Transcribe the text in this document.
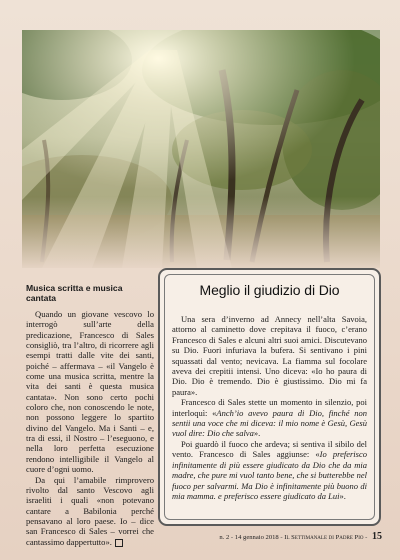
Musica scritta e musica cantata

Quando un giovane vescovo lo interrogò sull’arte della predicazione, Francesco di Sales consigliò, tra l’altro, di ricorrere agli esempi tratti dalle vite dei santi, poiché – affermava – «il Vangelo è come una musica scritta, mentre la vita dei santi è questa musica cantata». Non sono certo pochi coloro che, non conoscendo le note, non possono leggere lo spartito divino del Vangelo. Ma i Santi – e, tra di essi, il Nostro – l’eseguono, e nella loro perfetta esecuzione rendono intelligibile il Vangelo al cuore d’ogni uomo.

Da qui l’amabile rimprovero rivolto dal santo Vescovo agli israeliti i quali «non potevano cantare a Babilonia perché pensavano al loro paese. Io – dice san Francesco di Sales – vorrei che cantassimo dappertutto».

Meglio il giudizio di Dio

Una sera d’inverno ad Annecy nell’alta Savoia, attorno al caminetto dove crepitava il fuoco, c’erano Francesco di Sales e alcuni altri suoi amici. Discutevano su Dio. Fuori infuriava la bufera. Si sentivano i pini squassati dal vento; nevicava. La fiamma sul focolare aveva dei crepitii intensi. Uno diceva: «Io ho paura di Dio. Dio è tremendo. Dio è giustissimo. Dio mi fa paura».

Francesco di Sales stette un momento in silenzio, poi interloquì: «Anch’io avevo paura di Dio, finché non sentii una voce che mi diceva: il mio nome è Gesù, Gesù vuol dire: Dio che salva».

Poi guardò il fuoco che ardeva; si sentiva il sibilo del vento. Francesco di Sales aggiunse: «Io preferisco infinitamente di più essere giudicato da Dio che da mia madre, che pure mi vuol tanto bene, che si butterebbe nel fuoco per salvarmi. Ma Dio è infinitamente più buono di mia mamma. e preferisco essere giudicato da Lui».

n. 2 - 14 gennaio 2018 - Il Settimanale di Padre Pio - 15
